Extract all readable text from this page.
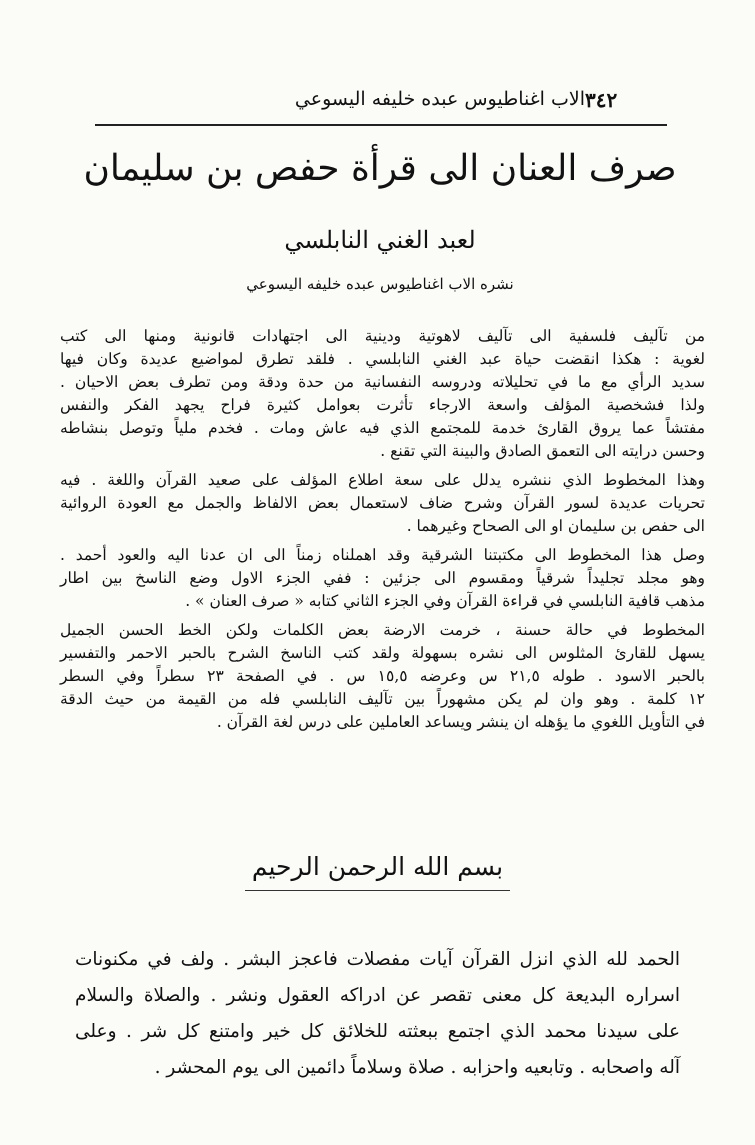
الاب اغناطيوس عبده خليفه اليسوعي ٣٤٢
صرف العنان الى قرأة حفص بن سليمان
لعبد الغني النابلسي
نشره الاب اغناطيوس عبده خليفه اليسوعي
من تآليف فلسفية الى تآليف لاهوتية ودينية الى اجتهادات قانونية ومنها الى كتب
لغوية : هكذا انقضت حياة عبد الغني النابلسي . فلقد تطرق لمواضيع عديدة وكان فيها
سديد الرأي مع ما في تحليلاته ودروسه النفسانية من حدة ودقة ومن تطرف بعض الاحيان .
ولذا فشخصية المؤلف واسعة الارجاء تأثرت بعوامل كثيرة فراح يجهد الفكر والنفس
مفتشاً عما يروق القارئ خدمة للمجتمع الذي فيه عاش ومات . فخدم ملياً وتوصل بنشاطه
وحسن درايته الى التعمق الصادق والبينة التي تقنع .
وهذا المخطوط الذي ننشره يدلل على سعة اطلاع المؤلف على صعيد القرآن واللغة . فيه
تحريات عديدة لسور القرآن وشرح ضاف لاستعمال بعض الالفاظ والجمل مع العودة الروائية
الى حفص بن سليمان او الى الصحاح وغيرهما .
وصل هذا المخطوط الى مكتبتنا الشرقية وقد اهملناه زمناً الى ان عدنا اليه والعود أحمد .
وهو مجلد تجليداً شرقياً ومقسوم الى جزئين : ففي الجزء الاول وضع الناسخ بين اطار
مذهب قافية النابلسي في قراءة القرآن وفي الجزء الثاني كتابه « صرف العنان » .
المخطوط في حالة حسنة ، خرمت الارضة بعض الكلمات ولكن الخط الحسن الجميل
يسهل للقارئ المثلوس الى نشره بسهولة ولقد كتب الناسخ الشرح بالحبر الاحمر والتفسير
بالحبر الاسود . طوله ٢١,٥ س وعرضه ١٥,٥ س . في الصفحة ٢٣ سطراً وفي السطر
١٢ كلمة . وهو وان لم يكن مشهوراً بين تآليف النابلسي فله من القيمة من حيث الدقة
في التأويل اللغوي ما يؤهله ان ينشر ويساعد العاملين على درس لغة القرآن .
بسم الله الرحمن الرحيم
الحمد لله الذي انزل القرآن آيات مفصلات فاعجز البشر . ولف في مكنونات
اسراره البديعة كل معنى تقصر عن ادراكه العقول ونشر . والصلاة والسلام
على سيدنا محمد الذي اجتمع ببعثته للخلائق كل خير وامتنع كل شر . وعلى
آله واصحابه . وتابعيه واحزابه . صلاة وسلاماً دائمين الى يوم المحشر .
